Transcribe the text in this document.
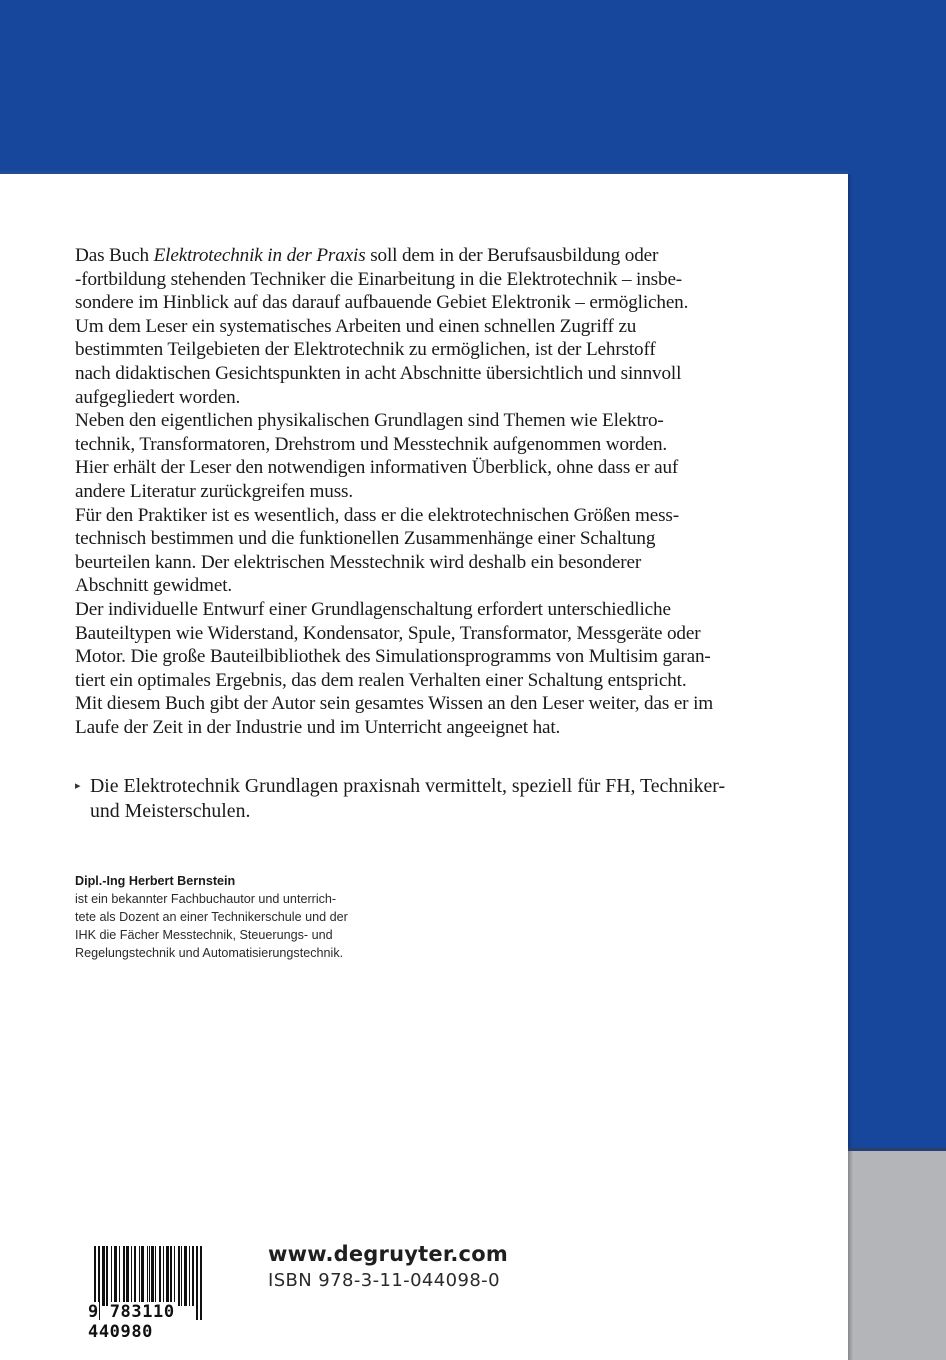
Das Buch Elektrotechnik in der Praxis soll dem in der Berufsausbildung oder
-fortbildung stehenden Techniker die Einarbeitung in die Elektrotechnik – insbe-
sondere im Hinblick auf das darauf aufbauende Gebiet Elektronik – ermöglichen.
Um dem Leser ein systematisches Arbeiten und einen schnellen Zugriff zu
bestimmten Teilgebieten der Elektrotechnik zu ermöglichen, ist der Lehrstoff
nach didaktischen Gesichtspunkten in acht Abschnitte übersichtlich und sinnvoll
aufgegliedert worden.
Neben den eigentlichen physikalischen Grundlagen sind Themen wie Elektro-
technik, Transformatoren, Drehstrom und Messtechnik aufgenommen worden.
Hier erhält der Leser den notwendigen informativen Überblick, ohne dass er auf
andere Literatur zurückgreifen muss.
Für den Praktiker ist es wesentlich, dass er die elektrotechnischen Größen mess-
technisch bestimmen und die funktionellen Zusammenhänge einer Schaltung
beurteilen kann. Der elektrischen Messtechnik wird deshalb ein besonderer
Abschnitt gewidmet.
Der individuelle Entwurf einer Grundlagenschaltung erfordert unterschiedliche
Bauteiltypen wie Widerstand, Kondensator, Spule, Transformator, Messgeräte oder
Motor. Die große Bauteilbibliothek des Simulationsprogramms von Multisim garan-
tiert ein optimales Ergebnis, das dem realen Verhalten einer Schaltung entspricht.
Mit diesem Buch gibt der Autor sein gesamtes Wissen an den Leser weiter, das er im
Laufe der Zeit in der Industrie und im Unterricht angeeignet hat.
▸ Die Elektrotechnik Grundlagen praxisnah vermittelt, speziell für FH, Techniker-
und Meisterschulen.
Dipl.-Ing Herbert Bernstein
ist ein bekannter Fachbuchautor und unterrich-
tete als Dozent an einer Technikerschule und der
IHK die Fächer Messtechnik, Steuerungs- und
Regelungstechnik und Automatisierungstechnik.
9 783110 440980
www.degruyter.com
ISBN 978-3-11-044098-0
